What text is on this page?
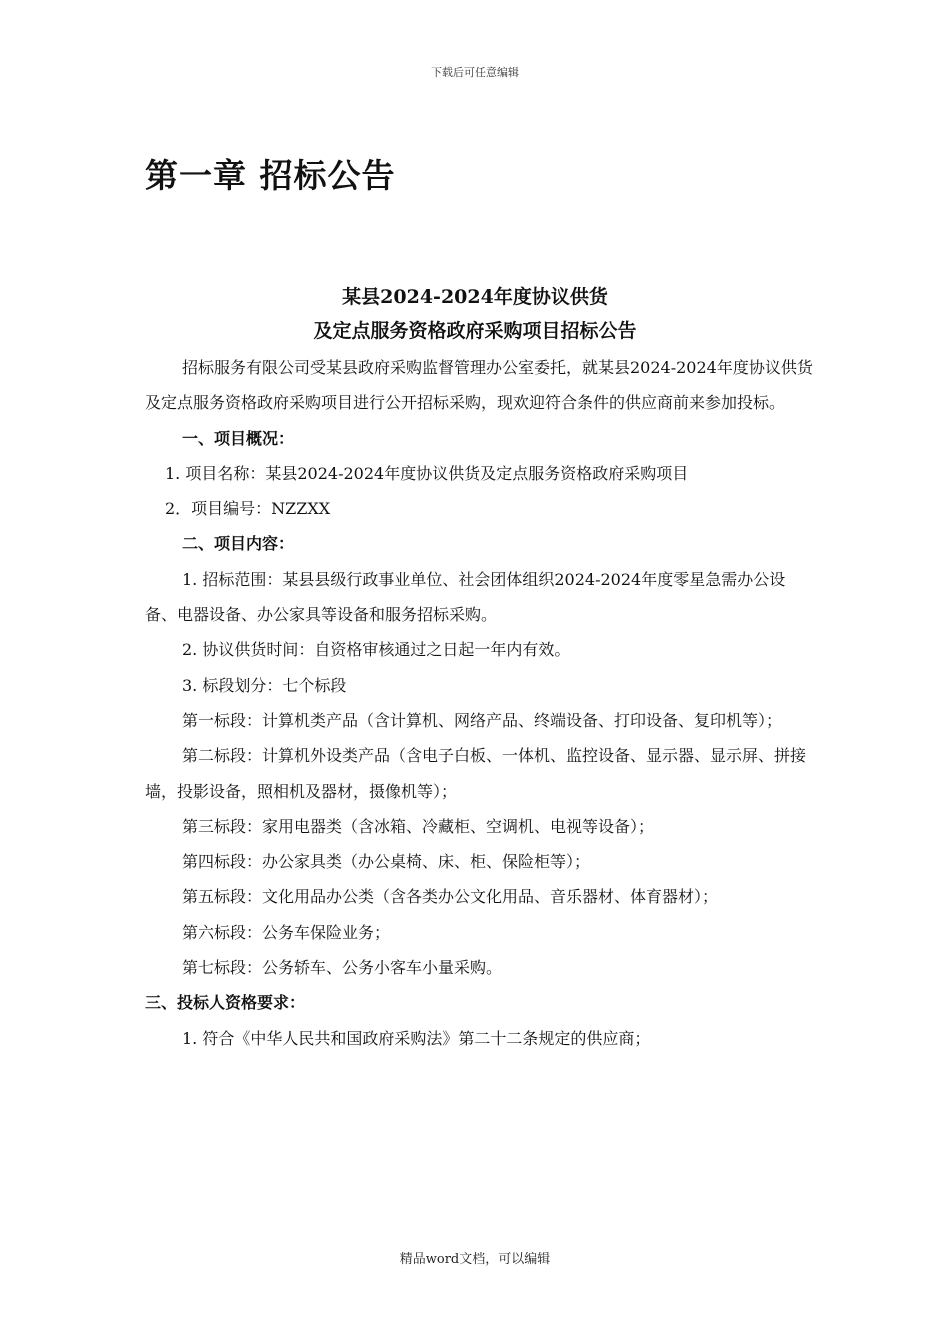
下载后可任意编辑
第一章 招标公告
某县2024-2024年度协议供货
及定点服务资格政府采购项目招标公告

招标服务有限公司受某县政府采购监督管理办公室委托，就某县2024-2024年度协议供货及定点服务资格政府采购项目进行公开招标采购，现欢迎符合条件的供应商前来参加投标。

一、项目概况：

1. 项目名称：某县2024-2024年度协议供货及定点服务资格政府采购项目

2．项目编号：NZZXX

二、项目内容：

1. 招标范围：某县县级行政事业单位、社会团体组织2024-2024年度零星急需办公设备、电器设备、办公家具等设备和服务招标采购。

2. 协议供货时间：自资格审核通过之日起一年内有效。

3. 标段划分：七个标段

第一标段：计算机类产品（含计算机、网络产品、终端设备、打印设备、复印机等）；

第二标段：计算机外设类产品（含电子白板、一体机、监控设备、显示器、显示屏、拼接墙，投影设备，照相机及器材，摄像机等）；

第三标段：家用电器类（含冰箱、冷藏柜、空调机、电视等设备）；

第四标段：办公家具类（办公桌椅、床、柜、保险柜等）；

第五标段：文化用品办公类（含各类办公文化用品、音乐器材、体育器材）；

第六标段：公务车保险业务；

第七标段：公务轿车、公务小客车小量采购。

三、投标人资格要求：

1. 符合《中华人民共和国政府采购法》第二十二条规定的供应商；

精品word文档，可以编辑
